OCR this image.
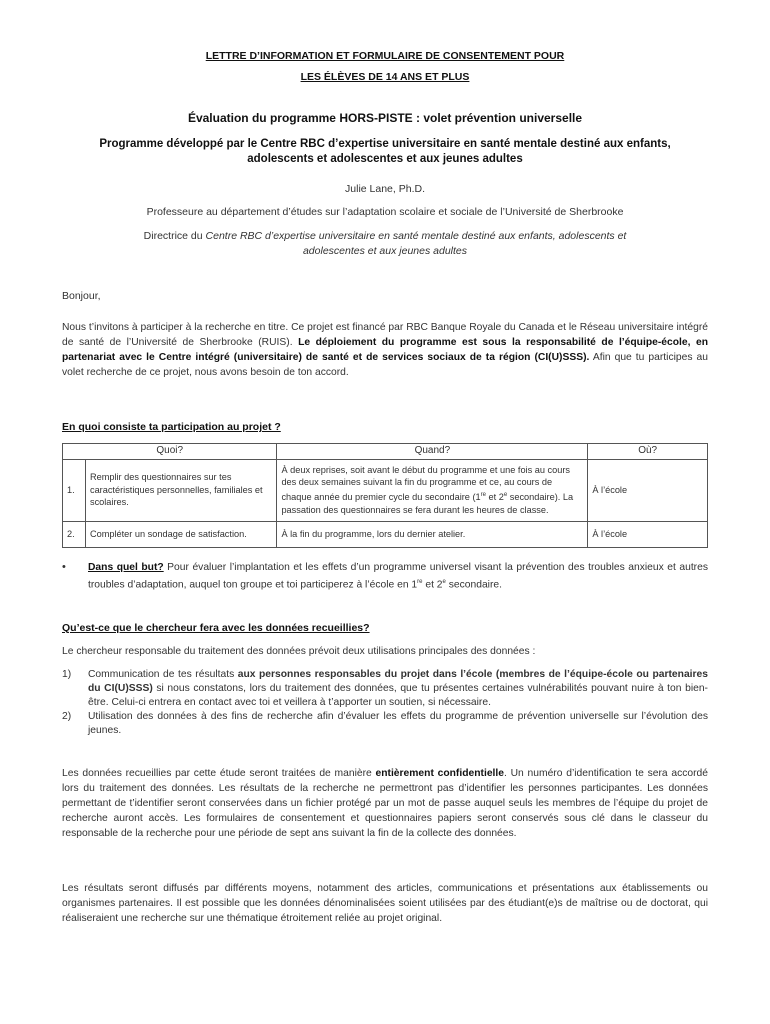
LETTRE D’INFORMATION ET FORMULAIRE DE CONSENTEMENT POUR
LES ÉLÈVES DE 14 ANS ET PLUS
Évaluation du programme HORS-PISTE : volet prévention universelle
Programme développé par le Centre RBC d’expertise universitaire en santé mentale destiné aux enfants,
adolescents et adolescentes et aux jeunes adultes
Julie Lane, Ph.D.
Professeure au département d’études sur l’adaptation scolaire et sociale de l’Université de Sherbrooke
Directrice du Centre RBC d’expertise universitaire en santé mentale destiné aux enfants, adolescents et
adolescentes et aux jeunes adultes
Bonjour,
Nous t’invitons à participer à la recherche en titre. Ce projet est financé par RBC Banque Royale du Canada et le Réseau universitaire intégré de santé de l’Université de Sherbrooke (RUIS). Le déploiement du programme est sous la responsabilité de l’équipe-école, en partenariat avec le Centre intégré (universitaire) de santé et de services sociaux de ta région (CI(U)SSS). Afin que tu participes au volet recherche de ce projet, nous avons besoin de ton accord.
En quoi consiste ta participation au projet ?
Quoi?		Quand?	Où?
1.	Remplir des questionnaires sur tes caractéristiques personnelles, familiales et scolaires.	À deux reprises, soit avant le début du programme et une fois au cours des deux semaines suivant la fin du programme et ce, au cours de chaque année du premier cycle du secondaire (1re et 2e secondaire). La passation des questionnaires se fera durant les heures de classe.	À l’école
2.	Compléter un sondage de satisfaction.	À la fin du programme, lors du dernier atelier.	À l’école
• Dans quel but? Pour évaluer l’implantation et les effets d’un programme universel visant la prévention des troubles anxieux et autres troubles d’adaptation, auquel ton groupe et toi participerez à l’école en 1re et 2e secondaire.
Qu’est-ce que le chercheur fera avec les données recueillies?
Le chercheur responsable du traitement des données prévoit deux utilisations principales des données :
1) Communication de tes résultats aux personnes responsables du projet dans l’école (membres de l’équipe-école ou partenaires du CI(U)SSS) si nous constatons, lors du traitement des données, que tu présentes certaines vulnérabilités pouvant nuire à ton bien-être. Celui-ci entrera en contact avec toi et veillera à t’apporter un soutien, si nécessaire.
2) Utilisation des données à des fins de recherche afin d’évaluer les effets du programme de prévention universelle sur l’évolution des jeunes.
Les données recueillies par cette étude seront traitées de manière entièrement confidentielle. Un numéro d’identification te sera accordé lors du traitement des données. Les résultats de la recherche ne permettront pas d’identifier les personnes participantes. Les données permettant de t’identifier seront conservées dans un fichier protégé par un mot de passe auquel seuls les membres de l’équipe du projet de recherche auront accès. Les formulaires de consentement et questionnaires papiers seront conservés sous clé dans le classeur du responsable de la recherche pour une période de sept ans suivant la fin de la collecte des données.
Les résultats seront diffusés par différents moyens, notamment des articles, communications et présentations aux établissements ou organismes partenaires. Il est possible que les données dénominalisées soient utilisées par des étudiant(e)s de maîtrise ou de doctorat, qui réaliseraient une recherche sur une thématique étroitement reliée au projet original.
